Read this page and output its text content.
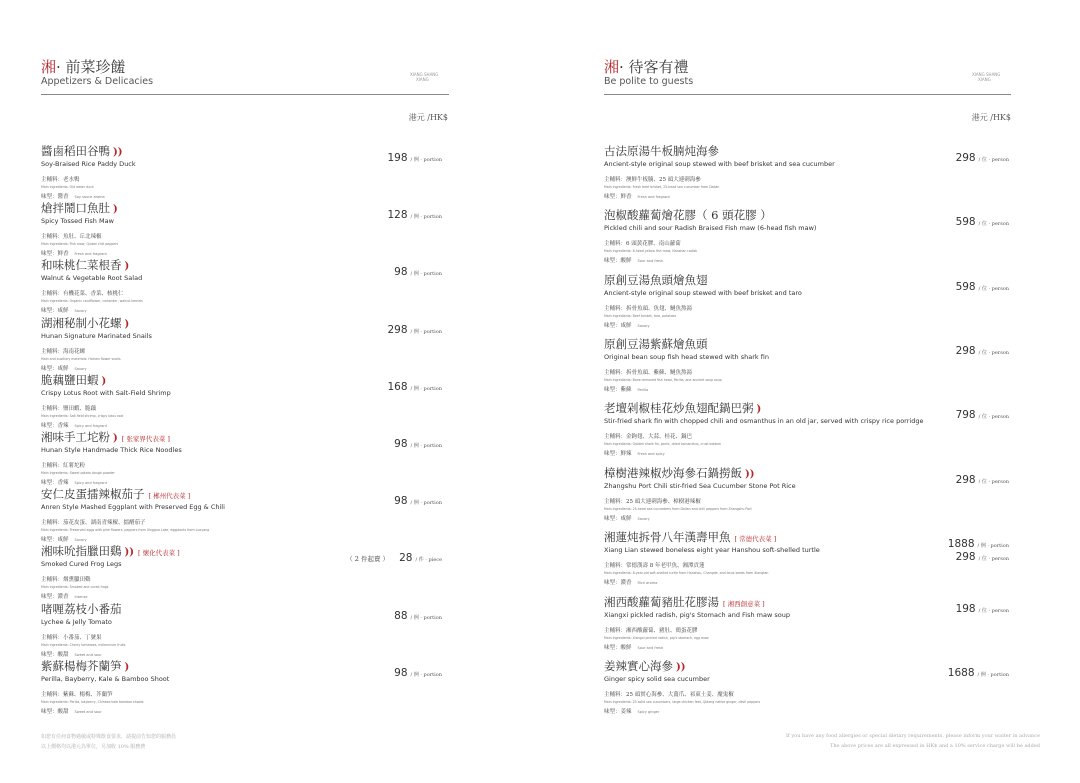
湘· 前菜珍饈
Appetizers & Delicacies
XIANG SHANG
XIANG
港元 /HK$
醬鹵稻田谷鴨 ))
Soy-Braised Rice Paddy Duck
主輔料：老水鴨
Main ingredients: Old water duck
味型：醬香 Soy sauce aroma
198 / 例 · portion
熗拌鬧口魚肚 )
Spicy Tossed Fish Maw
主輔料：魚肚、丘北辣椒
Main ingredients: Fish maw, Qiubei chili peppers
味型：鮮香 Fresh and fragrant
128 / 例 · portion
和味桃仁菜根香 )
Walnut & Vegetable Root Salad
主輔料：有機花菜、香菜、核桃仁
Main ingredients: Organic cauliflower, coriander, walnut kernels
味型：咸鮮 Savory
98 / 例 · portion
湖湘秘制小花螺 )
Hunan Signature Marinated Snails
主輔料：海南花螺
Main and auxiliary materials: Hainan flower snails
味型：咸鮮 Savory
298 / 例 · portion
脆藕鹽田蝦 )
Crispy Lotus Root with Salt-Field Shrimp
主輔料：鹽田蝦、脆藕
Main ingredients: Salt field shrimp, crispy lotus root
味型：香辣 Spicy and fragrant
168 / 例 · portion
湘味手工坨粉 ) [ 张家界代表菜 ]
Hunan Style Handmade Thick Rice Noodles
主輔料：紅薯坨粉
Main ingredients: Sweet potato dough powder
味型：香辣 Spicy and fragrant
98 / 例 · portion
安仁皮蛋擂辣椒茄子 [ 郴州代表菜 ]
Anren Style Mashed Eggplant with Preserved Egg & Chili
主輔料：茄花皮蛋、湖南青辣椒、擂醋茄子
Main ingredients: Preserved eggs with pine flowers, peppers from Xingguo Lake, eggplants from Luoyang
味型：咸鮮 Savory
98 / 例 · portion
湘味吮指臘田鷄 )) [ 懷化代表菜 ]
Smoked Cured Frog Legs
主輔料：烟熏臘田鷄
Main ingredients: Smoked and cured frogs
味型：濃香 Intense
（ 2 件起賣 ） 28 / 件 · piece
啫喱荔枝小番茄
Lychee & Jelly Tomato
主輔料：小番茄、丁號果
Main ingredients: Cherry tomatoes, millennium fruits
味型：酸甜 Sweet and sour
88 / 例 · portion
紫蘇楊梅芥蘭笋 )
Perilla, Bayberry, Kale & Bamboo Shoot
主輔料：紫蘇、楊梅、芥蘭笋
Main ingredients: Perilla, bayberry, Chinese kale bamboo shoots
味型：酸甜 Sweet and sour
98 / 例 · portion
如您有任何食物過敏或特殊飲食要求，請提前告知您的服務員
以上價格均以港元為單位，另加收 10% 服務費
湘· 待客有禮
Be polite to guests
XIANG SHANG
XIANG
港元 /HK$
古法原湯牛板腩炖海參
Ancient-style original soup stewed with beef brisket and sea cucumber
主輔料：澳鮮牛板腩、25 頭大連刺海參
Main ingredients: Fresh beef brisket, 25-head sea cucumber from Dalian
味型：鮮香 Fresh and fragrant
298 / 位 · person
泡椒酸蘿蔔燴花膠（ 6 頭花膠 ）
Pickled chili and sour Radish Braised Fish maw (6-head fish maw)
主輔料：6 頭黃花膠、南山蘿蔔
Main ingredients: 6-head yellow fish maw, Nanshan radish
味型：酸鮮 Sour and fresh
598 / 位 · person
原創豆湯魚頭燴魚翅
Ancient-style original soup stewed with beef brisket and taro
主輔料：拆骨魚頭、魚翅、鰱魚熬湯
Main ingredients: Beef brisket, taro, potatoes
味型：咸鮮 Savory
598 / 位 · person
原創豆湯紫蘇燴魚頭
Original bean soup fish head stewed with shark fin
主輔料：拆骨魚頭、紫蘇、鰱魚熬湯
Main ingredients: Bone-removed fish head, Perilla, and ancient soup soup
味型：紫蘇 Perilla
298 / 位 · person
老壇剁椒桂花炒魚翅配鍋巴粥 )
Stir-fried shark fin with chopped chili and osmanthus in an old jar, served with crispy rice porridge
主輔料：金鉤翅、大蒜、桂花、鍋巴
Main ingredients: Golden shark fin, garlic, dried osmanthus, crust bottom
味型：鮮辣 Fresh and spicy
798 / 位 · person
樟樹港辣椒炒海參石鍋撈飯 ))
Zhangshu Port Chili stir-fried Sea Cucumber Stone Pot Rice
主輔料：25 頭大連刺海參、樟樹港辣椒
Main ingredients: 25-head sea cucumbers from Dalian and chili peppers from Zhangshu Port
味型：咸鮮 Savory
298 / 位 · person
湘蓮炖拆骨八年漢壽甲魚 [ 常德代表菜 ]
Xiang Lian stewed boneless eight year Hanshou soft-shelled turtle
主輔料：常德漢壽 8 年老甲魚、湘潭貢蓮
Main ingredients: 8-year-old soft-shelled turtle from Hanshou, Changde, and lotus seeds from Xiangtan
味型：濃香 Rich aroma
1888 / 例 · portion
298 / 位 · person
湘西酸蘿蔔豬肚花膠湯 [ 湘西創意菜 ]
Xiangxi pickled radish, pig's Stomach and Fish maw soup
主輔料：湘西酸蘿蔔、豬肚、鶏蛋花膠
Main ingredients: Xiangxi pickled radish, pig's stomach, egg maw
味型：酸鮮 Sour and fresh
198 / 位 · person
姜辣實心海參 ))
Ginger spicy solid sea cucumber
主輔料：25 頭實心海參、大薑爪、祁東土姜、魔鬼椒
Main ingredients: 25 solid sea cucumbers, large chicken feet, Qidong native ginger, devil peppers
味型：姜辣 Spicy ginger
1688 / 例 · portion
If you have any food allergies or special dietary requirements, please inform your waiter in advance
The above prices are all expressed in HK$ and a 10% service charge will be added
